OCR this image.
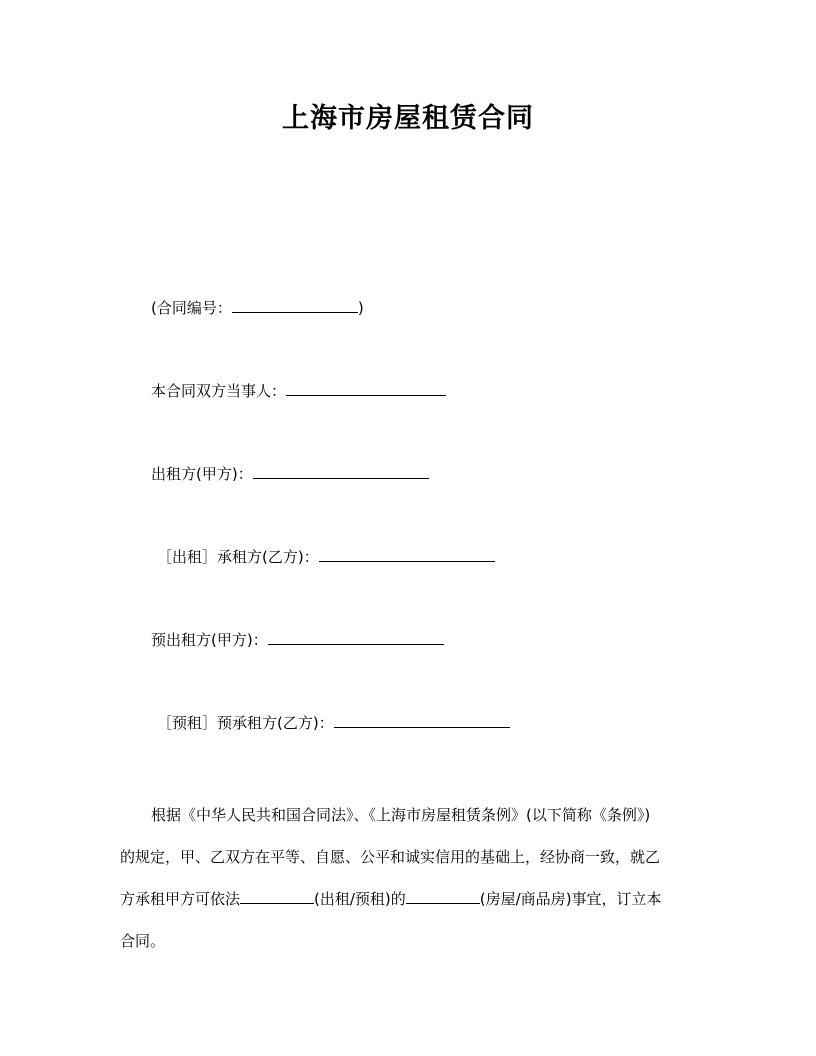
上海市房屋租赁合同
(合同编号：	)
本合同双方当事人：
出租方(甲方)：
［出租］承租方(乙方)：
预出租方(甲方)：
［预租］预承租方(乙方)：

根据《中华人民共和国合同法》、《上海市房屋租赁条例》(以下简称《条例》)

的规定，甲、乙双方在平等、自愿、公平和诚实信用的基础上，经协商一致，就乙

方承租甲方可依法	(出租/预租)的	(房屋/商品房)事宜，订立本

合同。
